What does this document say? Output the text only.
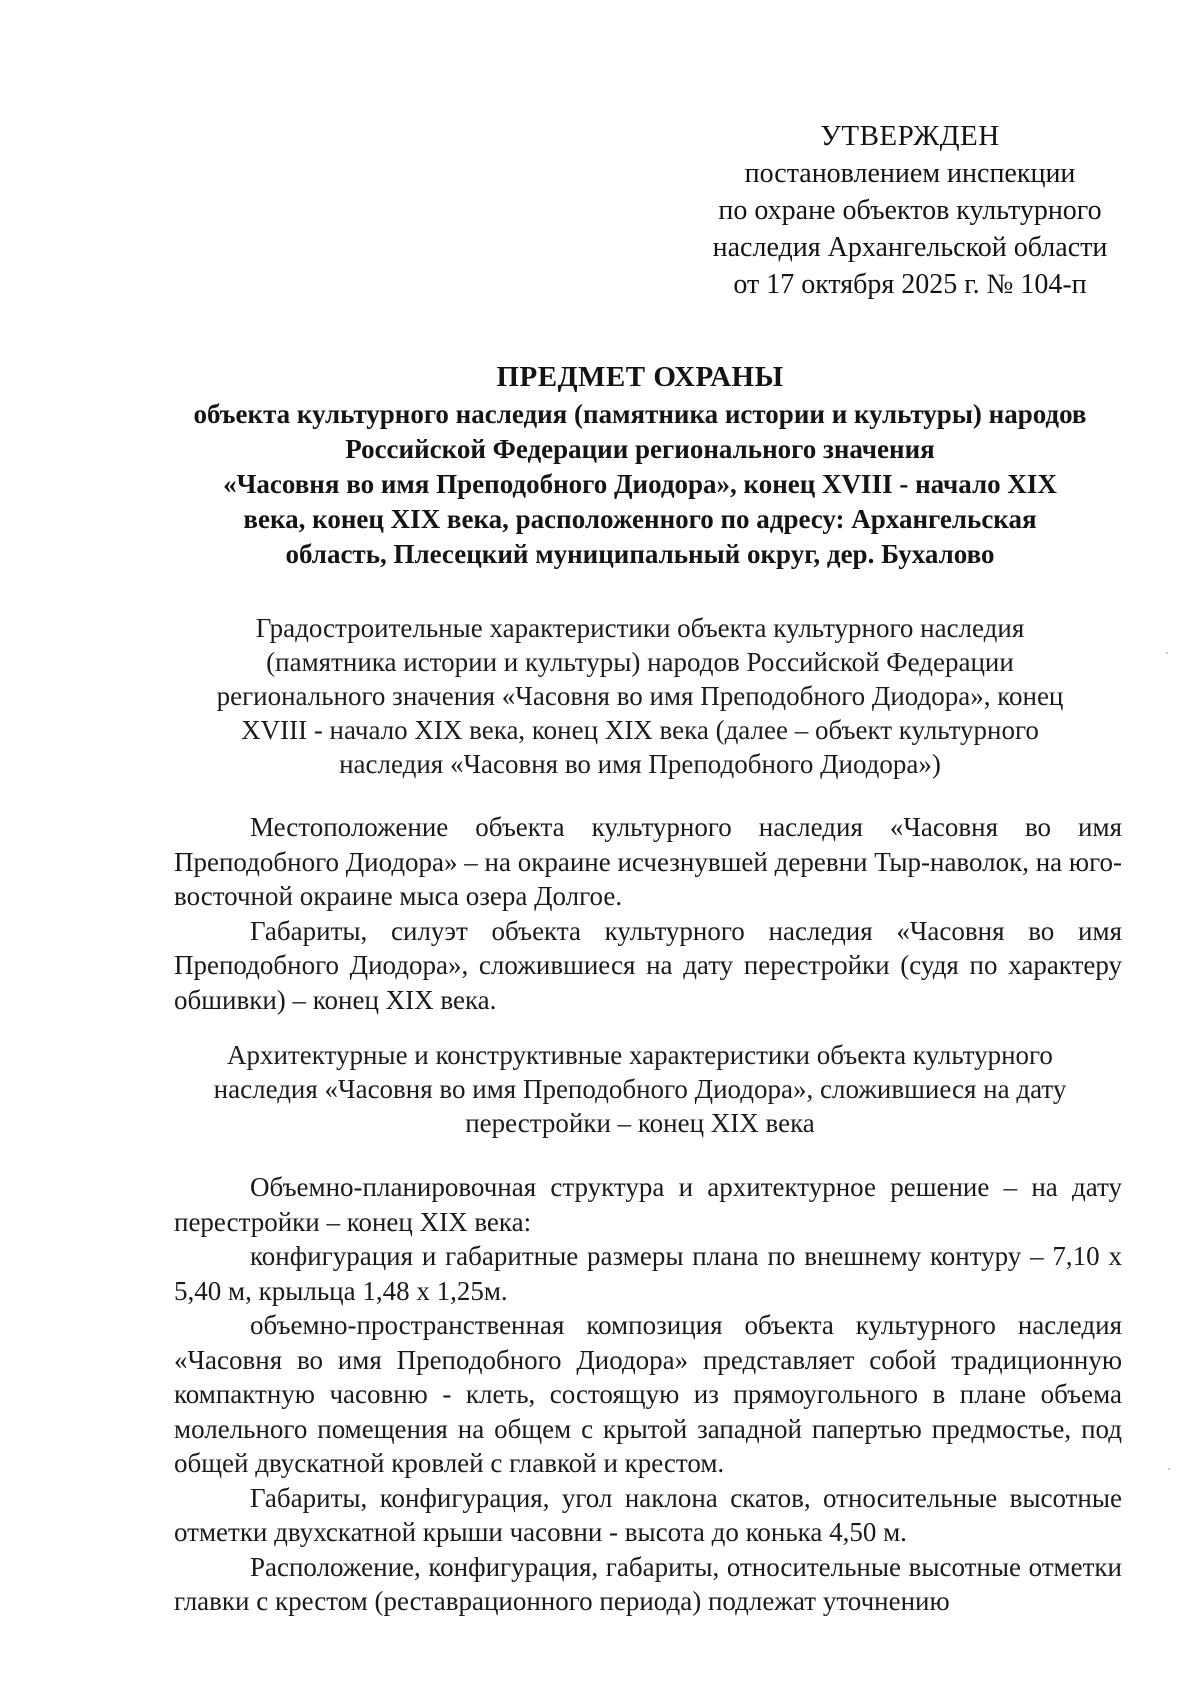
УТВЕРЖДЕН
постановлением инспекции
по охране объектов культурного
наследия Архангельской области
от 17 октября 2025 г. № 104-п
ПРЕДМЕТ ОХРАНЫ
объекта культурного наследия (памятника истории и культуры) народов
Российской Федерации регионального значения
«Часовня во имя Преподобного Диодора», конец XVIII - начало XIX
века, конец XIX века, расположенного по адресу: Архангельская
область, Плесецкий муниципальный округ, дер. Бухалово
Градостроительные характеристики объекта культурного наследия
(памятника истории и культуры) народов Российской Федерации
регионального значения «Часовня во имя Преподобного Диодора», конец
XVIII - начало XIX века, конец XIX века (далее – объект культурного
наследия «Часовня во имя Преподобного Диодора»)

Местоположение объекта культурного наследия «Часовня во имя Преподобного Диодора» – на окраине исчезнувшей деревни Тыр-наволок, на юго-восточной окраине мыса озера Долгое.

Габариты, силуэт объекта культурного наследия «Часовня во имя Преподобного Диодора», сложившиеся на дату перестройки (судя по характеру обшивки) – конец XIX века.

Архитектурные и конструктивные характеристики объекта культурного
наследия «Часовня во имя Преподобного Диодора», сложившиеся на дату
перестройки – конец XIX века

Объемно-планировочная структура и архитектурное решение – на дату перестройки – конец XIX века:

конфигурация и габаритные размеры плана по внешнему контуру – 7,10 х 5,40 м, крыльца 1,48 х 1,25м.

объемно-пространственная композиция объекта культурного наследия «Часовня во имя Преподобного Диодора» представляет собой традиционную компактную часовню - клеть, состоящую из прямоугольного в плане объема молельного помещения на общем с крытой западной папертью предмостье, под общей двускатной кровлей с главкой и крестом.

Габариты, конфигурация, угол наклона скатов, относительные высотные отметки двухскатной крыши часовни - высота до конька 4,50 м.

Расположение, конфигурация, габариты, относительные высотные отметки главки с крестом (реставрационного периода) подлежат уточнению
